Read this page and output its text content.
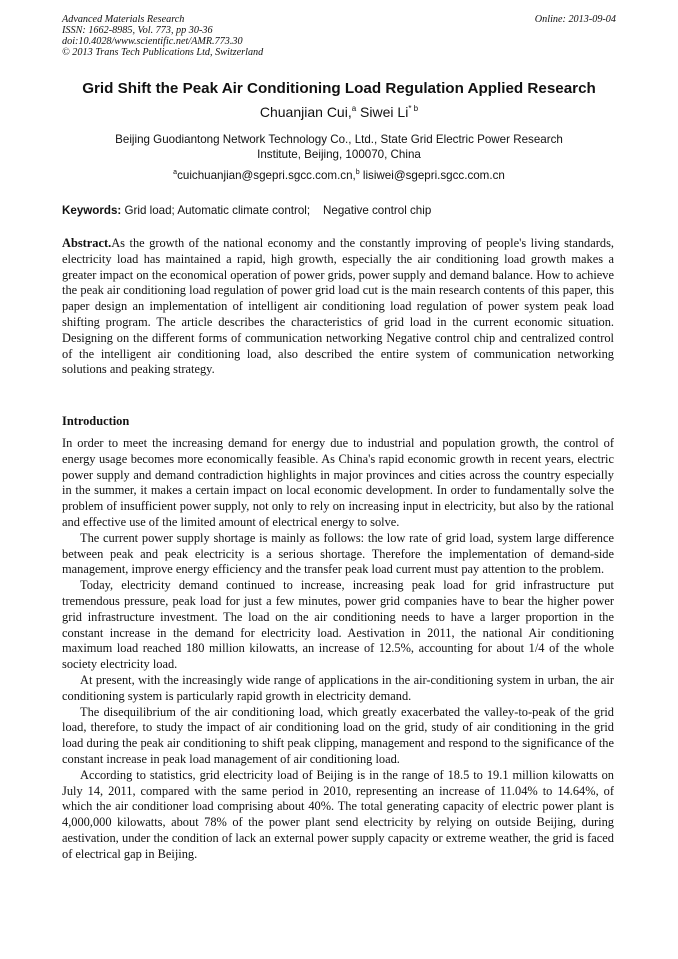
Advanced Materials Research	Online: 2013-09-04
ISSN: 1662-8985, Vol. 773, pp 30-36
doi:10.4028/www.scientific.net/AMR.773.30
© 2013 Trans Tech Publications Ltd, Switzerland
Grid Shift the Peak Air Conditioning Load Regulation Applied Research
Chuanjian Cui,$^a$ Siwei Li$^{* b}$
Beijing Guodiantong Network Technology Co., Ltd., State Grid Electric Power Research
Institute, Beijing, 100070, China
$^a$cuichuanjian@sgepri.sgcc.com.cn,$^b$ lisiwei@sgepri.sgcc.com.cn
Keywords: Grid load; Automatic climate control; Negative control chip

Abstract.As the growth of the national economy and the constantly improving of people's living standards, electricity load has maintained a rapid, high growth, especially the air conditioning load growth makes a greater impact on the economical operation of power grids, power supply and demand balance. How to achieve the peak air conditioning load regulation of power grid load cut is the main research contents of this paper, this paper design an implementation of intelligent air conditioning load regulation of power system peak load shifting program. The article describes the characteristics of grid load in the current economic situation. Designing on the different forms of communication networking Negative control chip and centralized control of the intelligent air conditioning load, also described the entire system of communication networking solutions and peaking strategy.

Introduction

In order to meet the increasing demand for energy due to industrial and population growth, the control of energy usage becomes more economically feasible. As China's rapid economic growth in recent years, electric power supply and demand contradiction highlights in major provinces and cities across the country especially in the summer, it makes a certain impact on local economic development. In order to fundamentally solve the problem of insufficient power supply, not only to rely on increasing input in electricity, but also by the rational and effective use of the limited amount of electrical energy to solve.

The current power supply shortage is mainly as follows: the low rate of grid load, system large difference between peak and peak electricity is a serious shortage. Therefore the implementation of demand-side management, improve energy efficiency and the transfer peak load current must pay attention to the problem.

Today, electricity demand continued to increase, increasing peak load for grid infrastructure put tremendous pressure, peak load for just a few minutes, power grid companies have to bear the higher power grid infrastructure investment. The load on the air conditioning needs to have a larger proportion in the constant increase in the demand for electricity load. Aestivation in 2011, the national Air conditioning maximum load reached 180 million kilowatts, an increase of 12.5%, accounting for about 1/4 of the whole society electricity load.

At present, with the increasingly wide range of applications in the air-conditioning system in urban, the air conditioning system is particularly rapid growth in electricity demand.

The disequilibrium of the air conditioning load, which greatly exacerbated the valley-to-peak of the grid load, therefore, to study the impact of air conditioning load on the grid, study of air conditioning in the grid load during the peak air conditioning to shift peak clipping, management and respond to the significance of the constant increase in peak load management of air conditioning load.

According to statistics, grid electricity load of Beijing is in the range of 18.5 to 19.1 million kilowatts on July 14, 2011, compared with the same period in 2010, representing an increase of 11.04% to 14.64%, of which the air conditioner load comprising about 40%. The total generating capacity of electric power plant is 4,000,000 kilowatts, about 78% of the power plant send electricity by relying on outside Beijing, during aestivation, under the condition of lack an external power supply capacity or extreme weather, the grid is faced of electrical gap in Beijing.
